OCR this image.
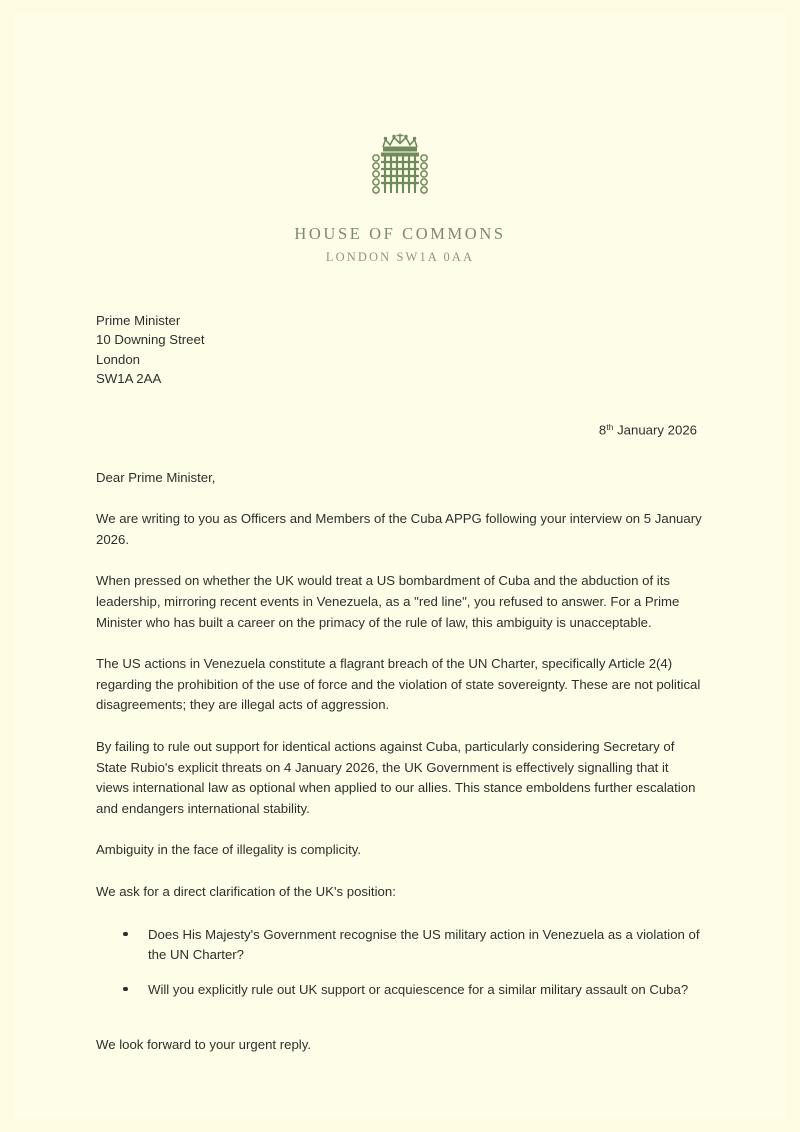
HOUSE OF COMMONS
LONDON SW1A 0AA
Prime Minister
10 Downing Street
London
SW1A 2AA
8th January 2026
Dear Prime Minister,

We are writing to you as Officers and Members of the Cuba APPG following your interview on 5 January 2026.

When pressed on whether the UK would treat a US bombardment of Cuba and the abduction of its leadership, mirroring recent events in Venezuela, as a "red line", you refused to answer. For a Prime Minister who has built a career on the primacy of the rule of law, this ambiguity is unacceptable.

The US actions in Venezuela constitute a flagrant breach of the UN Charter, specifically Article 2(4) regarding the prohibition of the use of force and the violation of state sovereignty. These are not political disagreements; they are illegal acts of aggression.

By failing to rule out support for identical actions against Cuba, particularly considering Secretary of State Rubio's explicit threats on 4 January 2026, the UK Government is effectively signalling that it views international law as optional when applied to our allies. This stance emboldens further escalation and endangers international stability.

Ambiguity in the face of illegality is complicity.

We ask for a direct clarification of the UK's position:

Does His Majesty's Government recognise the US military action in Venezuela as a violation of the UN Charter?
Will you explicitly rule out UK support or acquiescence for a similar military assault on Cuba?

We look forward to your urgent reply.
